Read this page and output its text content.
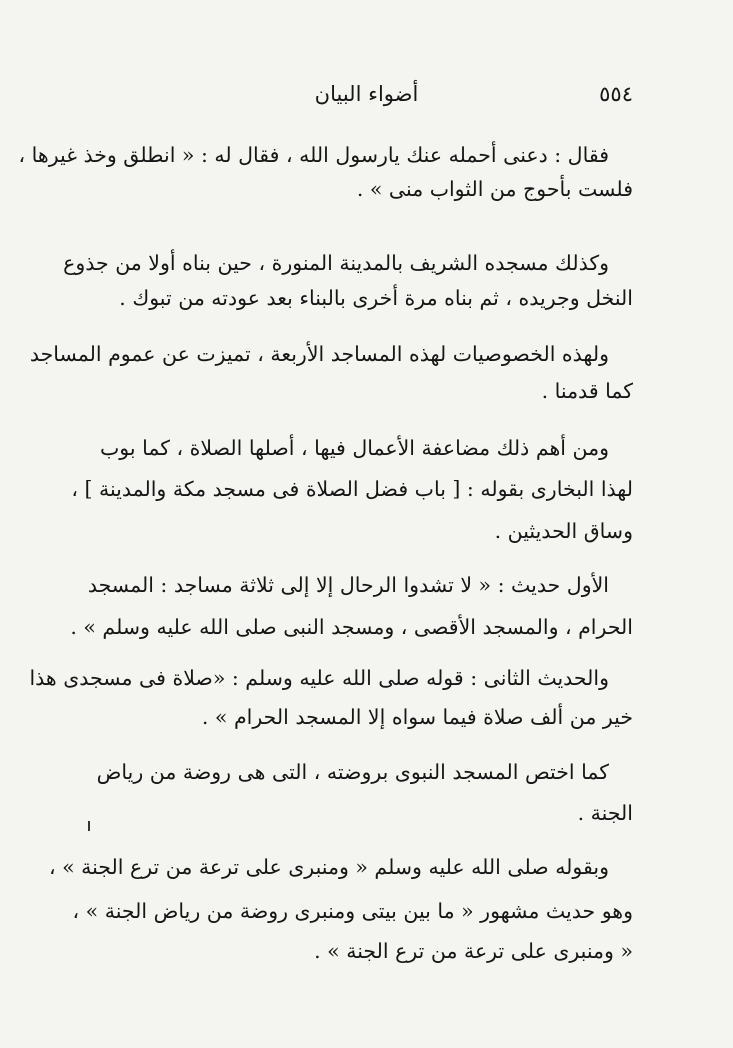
٥٥٤
أضواء البيان
فقال : دعنى أحمله عنك يارسول الله ، فقال له : « انطلق وخذ غيرها ،
فلست بأحوج من الثواب منى » .
وكذلك مسجده الشريف بالمدينة المنورة ، حين بناه أولا من جذوع
النخل وجريده ، ثم بناه مرة أخرى بالبناء بعد عودته من تبوك .
ولهذه الخصوصيات لهذه المساجد الأربعة ، تميزت عن عموم المساجد
كما قدمنا .
ومن أهم ذلك مضاعفة الأعمال فيها ، أصلها الصلاة ، كما بوب
لهذا البخارى بقوله : [ باب فضل الصلاة فى مسجد مكة والمدينة ] ،
وساق الحديثين .
الأول حديث : « لا تشدوا الرحال إلا إلى ثلاثة مساجد : المسجد
الحرام ، والمسجد الأقصى ، ومسجد النبى صلى الله عليه وسلم » .
والحديث الثانى : قوله صلى الله عليه وسلم : «صلاة فى مسجدى هذا
خير من ألف صلاة فيما سواه إلا المسجد الحرام » .
كما اختص المسجد النبوى بروضته ، التى هى روضة من رياض
الجنة .
وبقوله صلى الله عليه وسلم « ومنبرى على ترعة من ترع الجنة » ،
وهو حديث مشهور « ما بين بيتى ومنبرى روضة من رياض الجنة » ،
« ومنبرى على ترعة من ترع الجنة » .
